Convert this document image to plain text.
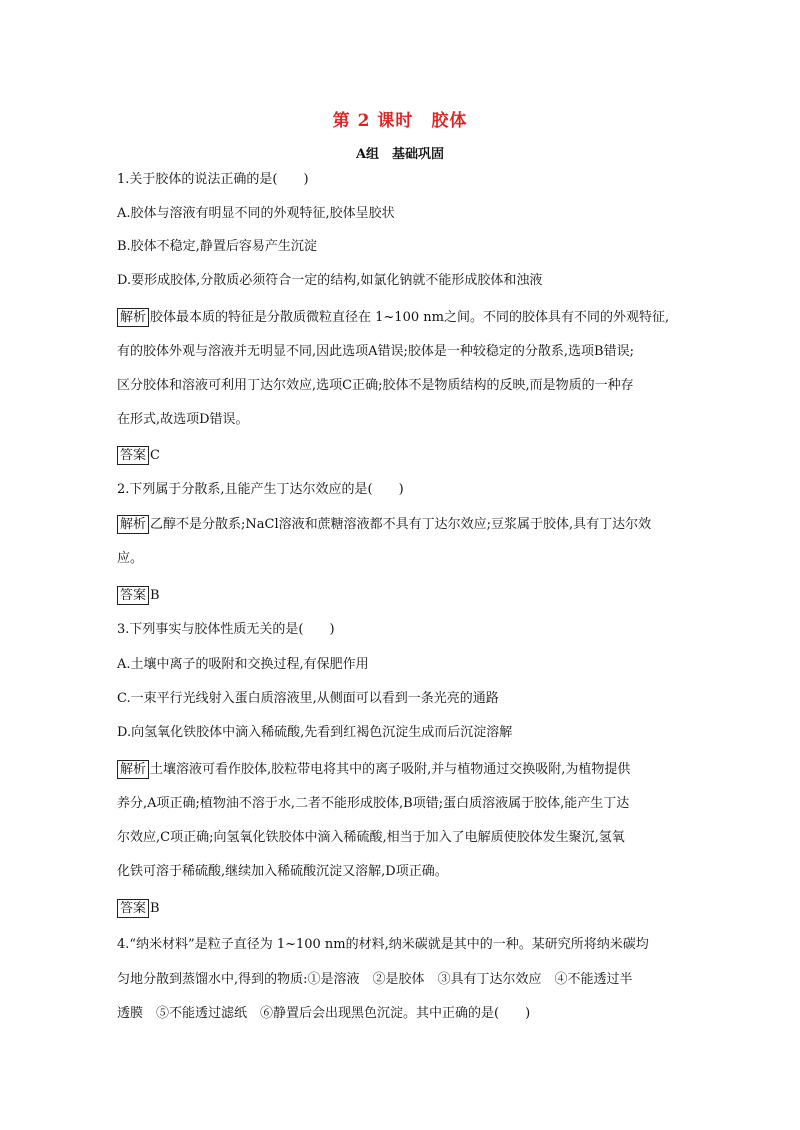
第 2 课时　胶体
A组　基础巩固
1.关于胶体的说法正确的是(　　)
A.胶体与溶液有明显不同的外观特征,胶体呈胶状
B.胶体不稳定,静置后容易产生沉淀
D.要形成胶体,分散质必须符合一定的结构,如氯化钠就不能形成胶体和浊液
解析 胶体最本质的特征是分散质微粒直径在 1~100 nm之间。不同的胶体具有不同的外观特征,
有的胶体外观与溶液并无明显不同,因此选项A错误;胶体是一种较稳定的分散系,选项B错误;
区分胶体和溶液可利用丁达尔效应,选项C正确;胶体不是物质结构的反映,而是物质的一种存
在形式,故选项D错误。
答案 C
2.下列属于分散系,且能产生丁达尔效应的是(　　)
解析 乙醇不是分散系;NaCl溶液和蔗糖溶液都不具有丁达尔效应;豆浆属于胶体,具有丁达尔效
应。
答案 B
3.下列事实与胶体性质无关的是(　　)
A.土壤中离子的吸附和交换过程,有保肥作用
C.一束平行光线射入蛋白质溶液里,从侧面可以看到一条光亮的通路
D.向氢氧化铁胶体中滴入稀硫酸,先看到红褐色沉淀生成而后沉淀溶解
解析 土壤溶液可看作胶体,胶粒带电将其中的离子吸附,并与植物通过交换吸附,为植物提供
养分,A项正确;植物油不溶于水,二者不能形成胶体,B项错;蛋白质溶液属于胶体,能产生丁达
尔效应,C项正确;向氢氧化铁胶体中滴入稀硫酸,相当于加入了电解质使胶体发生聚沉,氢氧
化铁可溶于稀硫酸,继续加入稀硫酸沉淀又溶解,D项正确。
答案 B
4.“纳米材料”是粒子直径为 1~100 nm的材料,纳米碳就是其中的一种。某研究所将纳米碳均
匀地分散到蒸馏水中,得到的物质:①是溶液　②是胶体　③具有丁达尔效应　④不能透过半
透膜　⑤不能透过滤纸　⑥静置后会出现黑色沉淀。其中正确的是(　　)
